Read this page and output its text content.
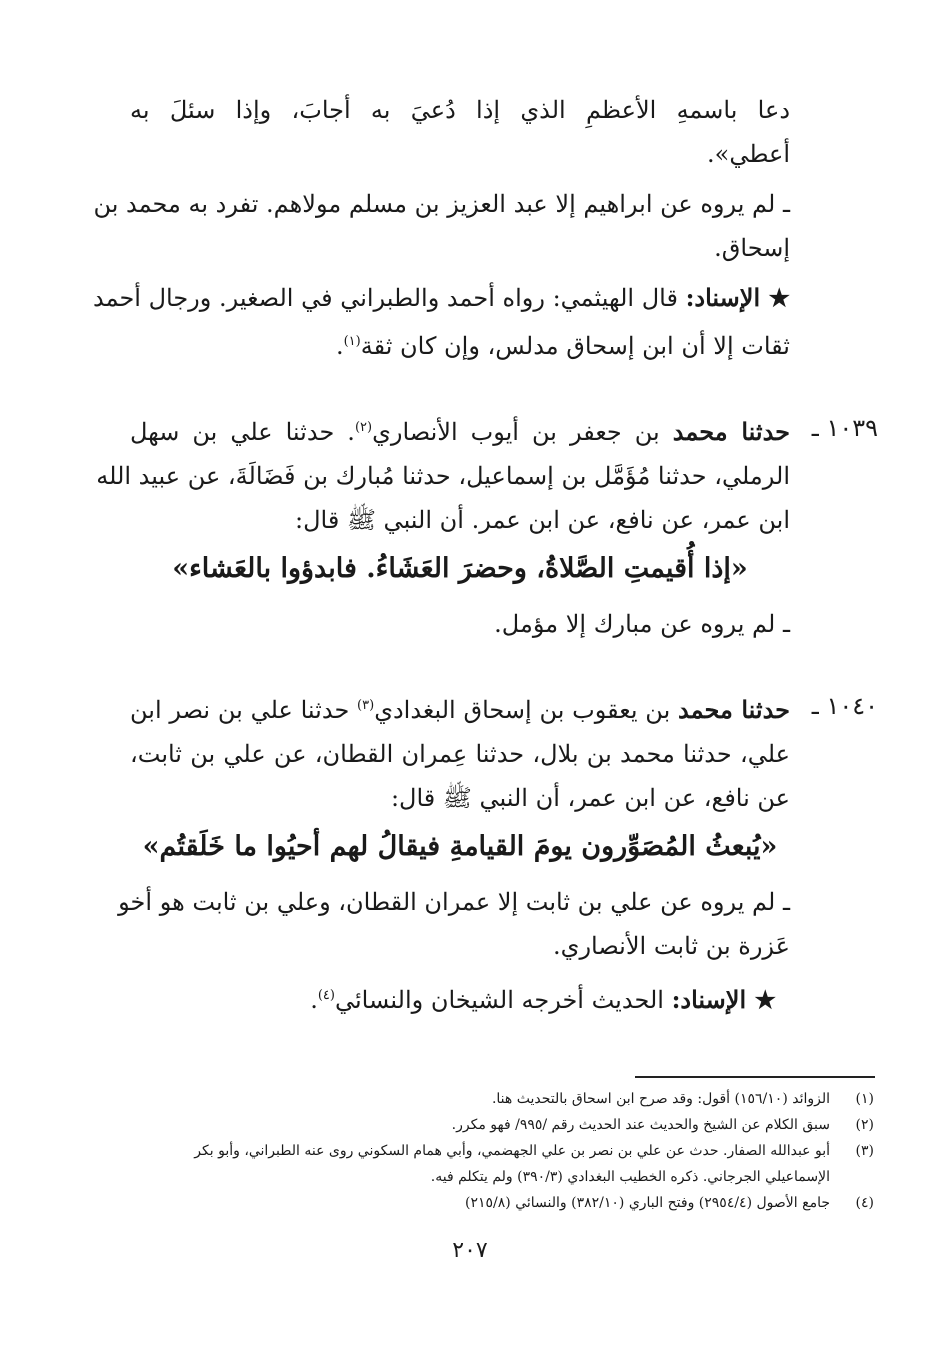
دعا باسمهِ الأعظمِ الذي إذا دُعيَ به أجابَ، وإذا سئلَ به
أعطي».
ـ لم يروه عن ابراهيم إلا عبد العزيز بن مسلم مولاهم. تفرد به محمد بن
إسحاق.
★ الإسناد: قال الهيثمي: رواه أحمد والطبراني في الصغير. ورجال أحمد
ثقات إلا أن ابن إسحاق مدلس، وإن كان ثقة$^{(١)}$.
١٠٣٩ ـ
حدثنا محمد بن جعفر بن أيوب الأنصاري$^{(٢)}$. حدثنا علي بن سهل
الرملي، حدثنا مُؤَمَّل بن إسماعيل، حدثنا مُبارك بن فَضَالَةَ، عن عبيد الله
ابن عمر، عن نافع، عن ابن عمر. أن النبي ﷺ قال:
«إذا أُقيمتِ الصَّلاةُ، وحضرَ العَشَاءُ. فابدؤوا بالعَشاء»
ـ لم يروه عن مبارك إلا مؤمل.
١٠٤٠ ـ
حدثنا محمد بن يعقوب بن إسحاق البغدادي$^{(٣)}$ حدثنا علي بن نصر ابن
علي، حدثنا محمد بن بلال، حدثنا عِمران القطان، عن علي بن ثابت،
عن نافع، عن ابن عمر، أن النبي ﷺ قال:
«يُبعثُ المُصَوِّرون يومَ القيامةِ فيقالُ لهم أحيُوا ما خَلَقتُم»
ـ لم يروه عن علي بن ثابت إلا عمران القطان، وعلي بن ثابت هو أخو
عَزرة بن ثابت الأنصاري.
★ الإسناد: الحديث أخرجه الشيخان والنسائي$^{(٤)}$.
(١)الزوائد (١٥٦/١٠) أقول: وقد صرح ابن اسحاق بالتحديث هنا.
(٢)سبق الكلام عن الشيخ والحديث عند الحديث رقم /٩٩٥/ فهو مكرر.
(٣)أبو عبدالله الصفار. حدث عن علي بن نصر بن علي الجهضمي، وأبي همام السكوني روى عنه الطبراني، وأبو بكر
الإسماعيلي الجرجاني. ذكره الخطيب البغدادي (٣٩٠/٣) ولم يتكلم فيه.
(٤)جامع الأصول (٢٩٥٤/٤) وفتح الباري (٣٨٢/١٠) والنسائي (٢١٥/٨)
٢٠٧
